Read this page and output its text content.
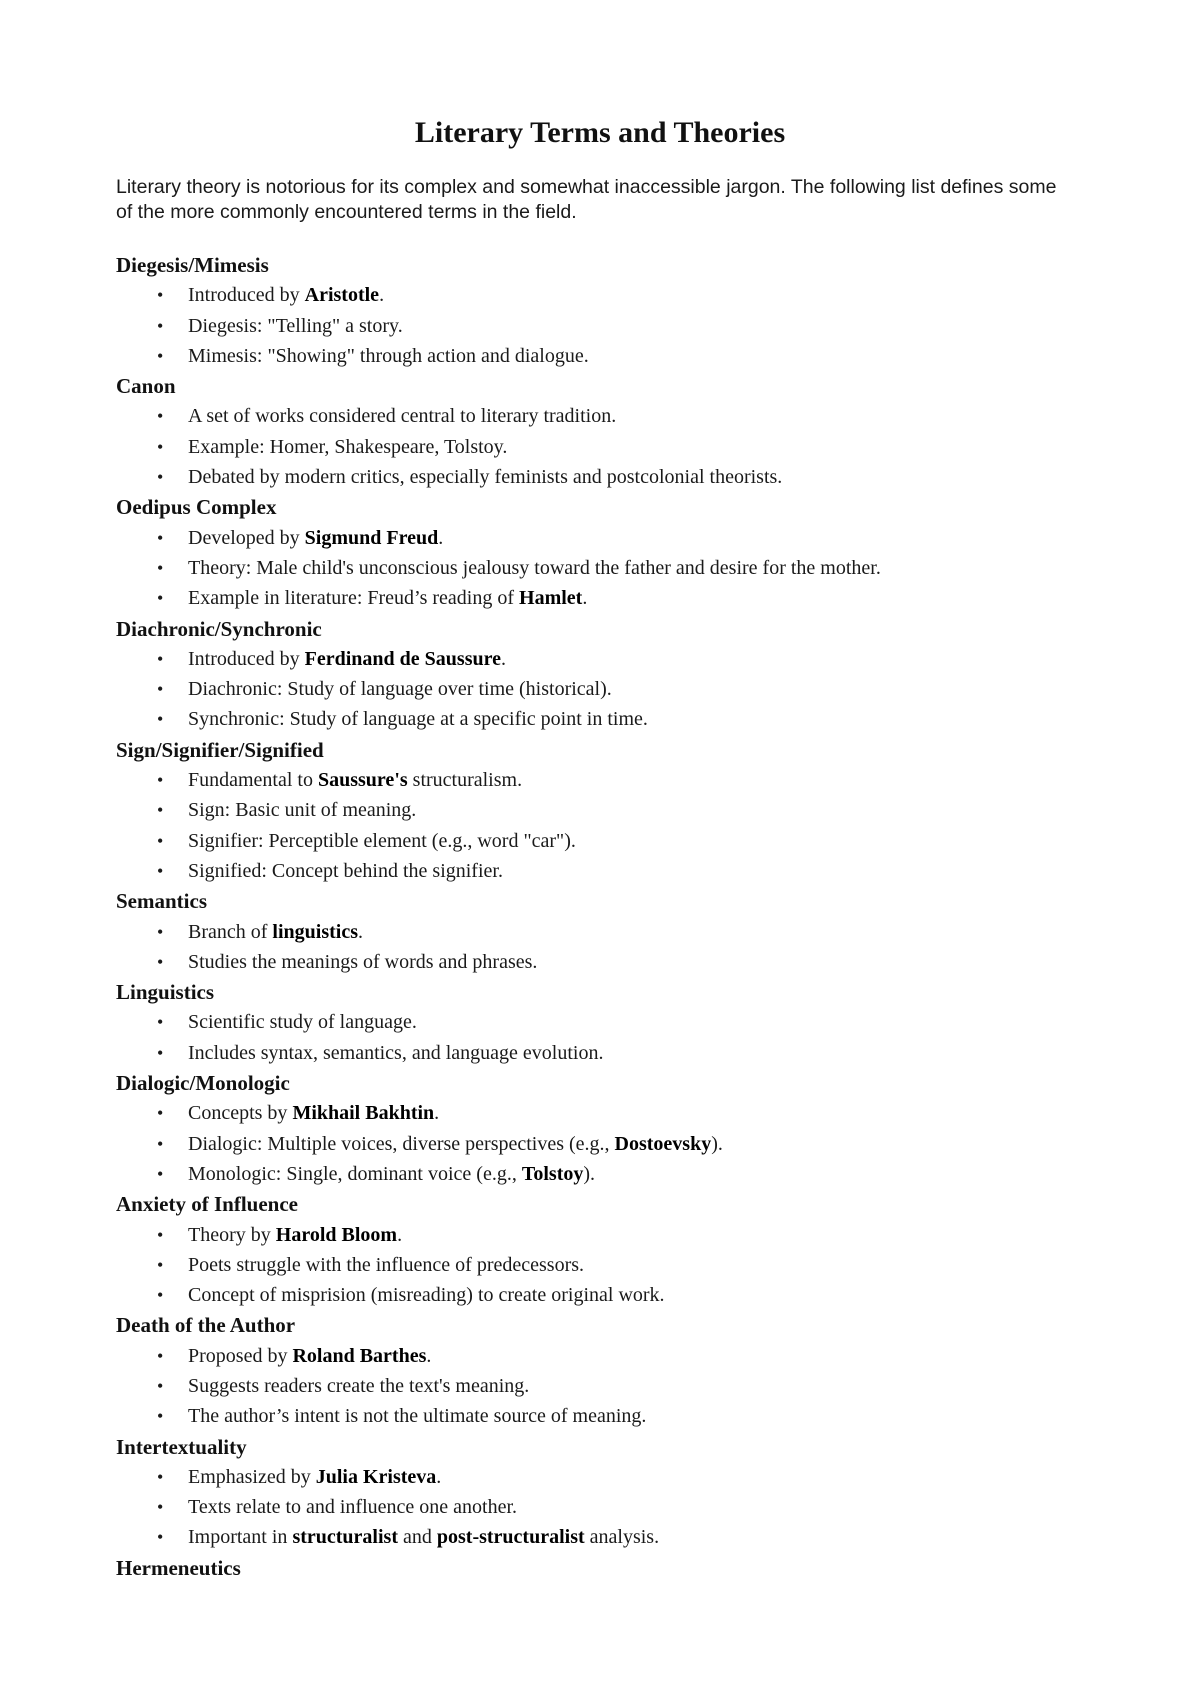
Literary Terms and Theories

Literary theory is notorious for its complex and somewhat inaccessible jargon. The following list defines some of the more commonly encountered terms in the field.

Diegesis/Mimesis
• Introduced by Aristotle.
• Diegesis: "Telling" a story.
• Mimesis: "Showing" through action and dialogue.
Canon
• A set of works considered central to literary tradition.
• Example: Homer, Shakespeare, Tolstoy.
• Debated by modern critics, especially feminists and postcolonial theorists.
Oedipus Complex
• Developed by Sigmund Freud.
• Theory: Male child's unconscious jealousy toward the father and desire for the mother.
• Example in literature: Freud’s reading of Hamlet.
Diachronic/Synchronic
• Introduced by Ferdinand de Saussure.
• Diachronic: Study of language over time (historical).
• Synchronic: Study of language at a specific point in time.
Sign/Signifier/Signified
• Fundamental to Saussure's structuralism.
• Sign: Basic unit of meaning.
• Signifier: Perceptible element (e.g., word "car").
• Signified: Concept behind the signifier.
Semantics
• Branch of linguistics.
• Studies the meanings of words and phrases.
Linguistics
• Scientific study of language.
• Includes syntax, semantics, and language evolution.
Dialogic/Monologic
• Concepts by Mikhail Bakhtin.
• Dialogic: Multiple voices, diverse perspectives (e.g., Dostoevsky).
• Monologic: Single, dominant voice (e.g., Tolstoy).
Anxiety of Influence
• Theory by Harold Bloom.
• Poets struggle with the influence of predecessors.
• Concept of misprision (misreading) to create original work.
Death of the Author
• Proposed by Roland Barthes.
• Suggests readers create the text's meaning.
• The author’s intent is not the ultimate source of meaning.
Intertextuality
• Emphasized by Julia Kristeva.
• Texts relate to and influence one another.
• Important in structuralist and post-structuralist analysis.
Hermeneutics
